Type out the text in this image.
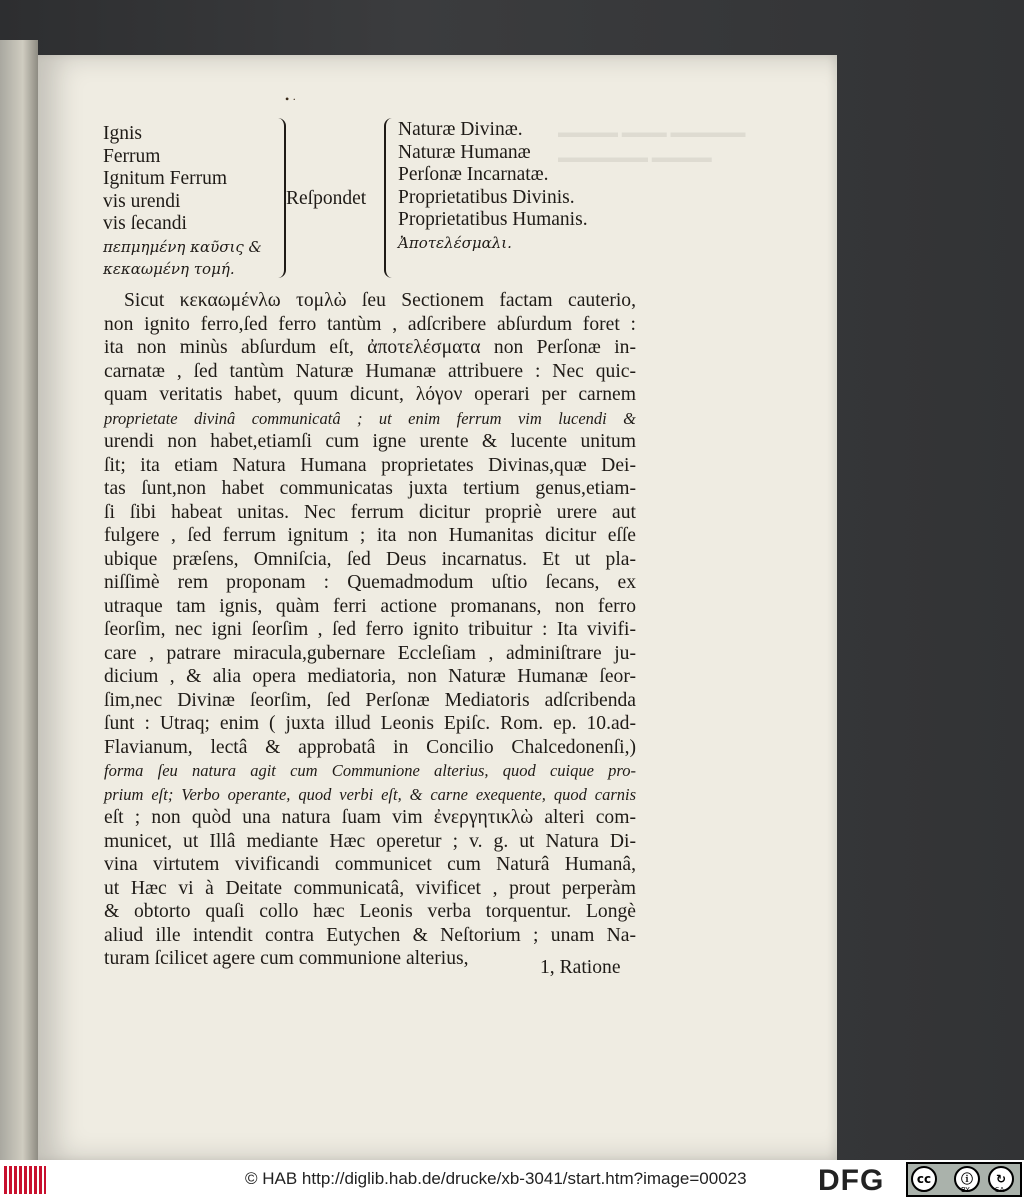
▬▬▬▬ ▬▬▬ ▬▬▬▬▬
▬▬▬▬▬▬ ▬▬▬▬
• ·
Ignis
Ferrum
Ignitum Ferrum
vis urendi
vis ſecandi
πεπμημένη καῦσις &
κεκαωμένη τομή.
Reſpondet
Naturæ Divinæ.
Naturæ Humanæ
Perſonæ Incarnatæ.
Proprietatibus Divinis.
Proprietatibus Humanis.
Ἀποτελέσμαλι.
Sicut κεκαωμένλω τομλὼ ſeu Sectionem factam cauterio,
non ignito ferro,ſed ferro tantùm , adſcribere abſurdum foret :
ita non minùs abſurdum eſt, ἀποτελέσματα non Perſonæ in-
carnatæ , ſed tantùm Naturæ Humanæ attribuere : Nec quic-
quam veritatis habet, quum dicunt, λόγον operari per carnem
proprietate divinâ communicatâ ; ut enim ferrum vim lucendi &
urendi non habet,etiamſi cum igne urente & lucente unitum
ſit; ita etiam Natura Humana proprietates Divinas,quæ Dei-
tas ſunt,non habet communicatas juxta tertium genus,etiam-
ſi ſibi habeat unitas. Nec ferrum dicitur propriè urere aut
fulgere , ſed ferrum ignitum ; ita non Humanitas dicitur eſſe
ubique præſens, Omniſcia, ſed Deus incarnatus. Et ut pla-
niſſimè rem proponam : Quemadmodum uſtio ſecans, ex
utraque tam ignis, quàm ferri actione promanans, non ferro
ſeorſim, nec igni ſeorſim , ſed ferro ignito tribuitur : Ita vivifi-
care , patrare miracula,gubernare Eccleſiam , adminiſtrare ju-
dicium , & alia opera mediatoria, non Naturæ Humanæ ſeor-
ſim,nec Divinæ ſeorſim, ſed Perſonæ Mediatoris adſcribenda
ſunt : Utraq; enim ( juxta illud Leonis Epiſc. Rom. ep. 10.ad-
Flavianum, lectâ & approbatâ in Concilio Chalcedonenſi,)
forma ſeu natura agit cum Communione alterius, quod cuique pro-
prium eſt; Verbo operante, quod verbi eſt, & carne exequente, quod carnis
eſt ; non quòd una natura ſuam vim ἐνεργητικλὼ alteri com-
municet, ut Illâ mediante Hæc operetur ; v. g. ut Natura Di-
vina virtutem vivificandi communicet cum Naturâ Humanâ,
ut Hæc vi à Deitate communicatâ, vivificet , prout perperàm
& obtorto quaſi collo hæc Leonis verba torquentur. Longè
aliud ille intendit contra Eutychen & Neſtorium ; unam Na-
turam ſcilicet agere cum communione alterius,	1, Ratione
© HAB http://diglib.hab.de/drucke/xb-3041/start.htm?image=00023 DFG	cc	ⓘ	↻
BY	SA
